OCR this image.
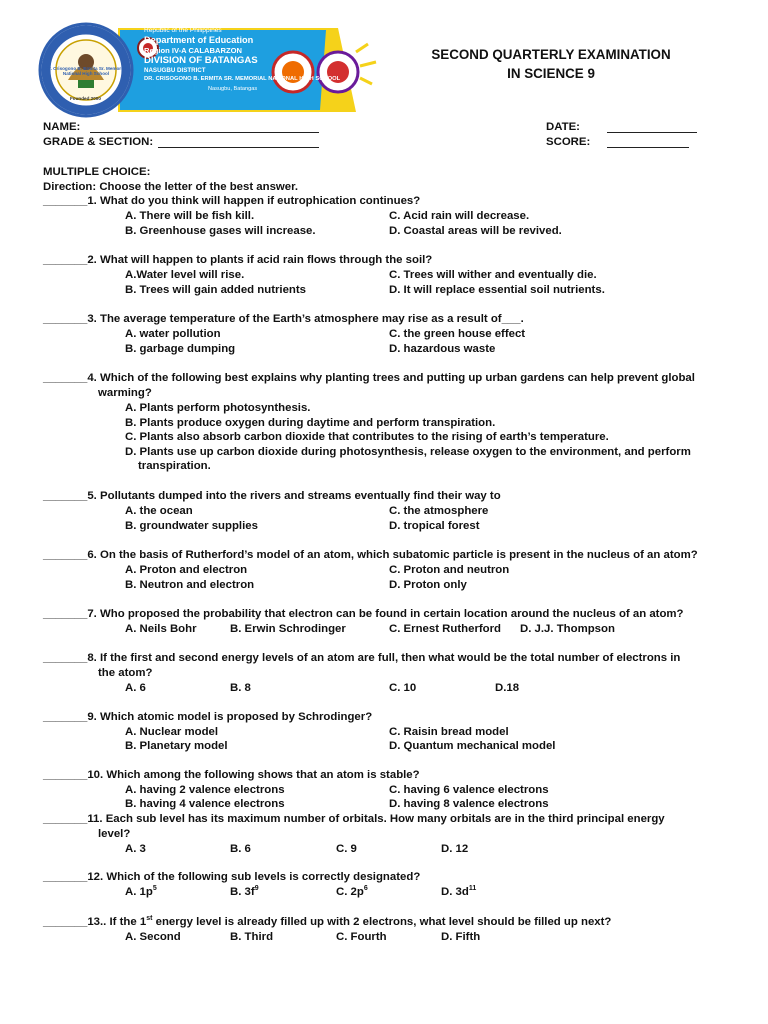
Dr. Crisogono B. Ermita Sr. Memorial National High School
Founded 2000
Republic of the Philippines
Department of Education
Region IV-A CALABARZON
DIVISION OF BATANGAS
NASUGBU DISTRICT
DR. CRISOGONO B. ERMITA SR. MEMORIAL NATIONAL HIGH SCHOOL
Nasugbu, Batangas
SECOND QUARTERLY EXAMINATION
IN SCIENCE 9
NAME:
GRADE & SECTION:
DATE:
SCORE:
MULTIPLE CHOICE:
Direction: Choose the letter of the best answer.
_______1. What do you think will happen if eutrophication continues?
A. There will be fish kill.	C. Acid rain will decrease.
B. Greenhouse gases will increase.	D. Coastal areas will be revived.
_______2. What will happen to plants if acid rain flows through the soil?
A.Water level will rise.	C. Trees will wither and eventually die.
B. Trees will gain added nutrients	D. It will replace essential soil nutrients.
_______3. The average temperature of the Earth’s atmosphere may rise as a result of___.
A. water pollution	C. the green house effect
B. garbage dumping	D. hazardous waste
_______4. Which of the following best explains why planting trees and putting up urban gardens can help prevent global
warming?
A. Plants perform photosynthesis.
B. Plants produce oxygen during daytime and perform transpiration.
C. Plants also absorb carbon dioxide that contributes to the rising of earth’s temperature.
D. Plants use up carbon dioxide during photosynthesis, release oxygen to the environment, and perform
transpiration.
_______5. Pollutants dumped into the rivers and streams eventually find their way to
A. the ocean	C. the atmosphere
B. groundwater supplies	D. tropical forest
_______6. On the basis of Rutherford’s model of an atom, which subatomic particle is present in the nucleus of an atom?
A. Proton and electron	C. Proton and neutron
B. Neutron and electron	D. Proton only
_______7. Who proposed the probability that electron can be found in certain location around the nucleus of an atom?
A. Neils Bohr	B. Erwin Schrodinger	C. Ernest Rutherford D. J.J. Thompson
_______8. If the first and second energy levels of an atom are full, then what would be the total number of electrons in
the atom?
A. 6	B. 8	C. 10	D.18
_______9. Which atomic model is proposed by Schrodinger?
A. Nuclear model	C. Raisin bread model
B. Planetary model	D. Quantum mechanical model
_______10. Which among the following shows that an atom is stable?
A. having 2 valence electrons	C. having 6 valence electrons
B. having 4 valence electrons	D. having 8 valence electrons
_______11. Each sub level has its maximum number of orbitals. How many orbitals are in the third principal energy
level?
A. 3	B. 6	C. 9	D. 12
_______12. Which of the following sub levels is correctly designated?
A. $1p^5$	B. $3f^9$	C. $2p^6$	D. $3d^{11}$
_______13.. If the 1st energy level is already filled up with 2 electrons, what level should be filled up next?
A. Second	B. Third	C. Fourth	D. Fifth
